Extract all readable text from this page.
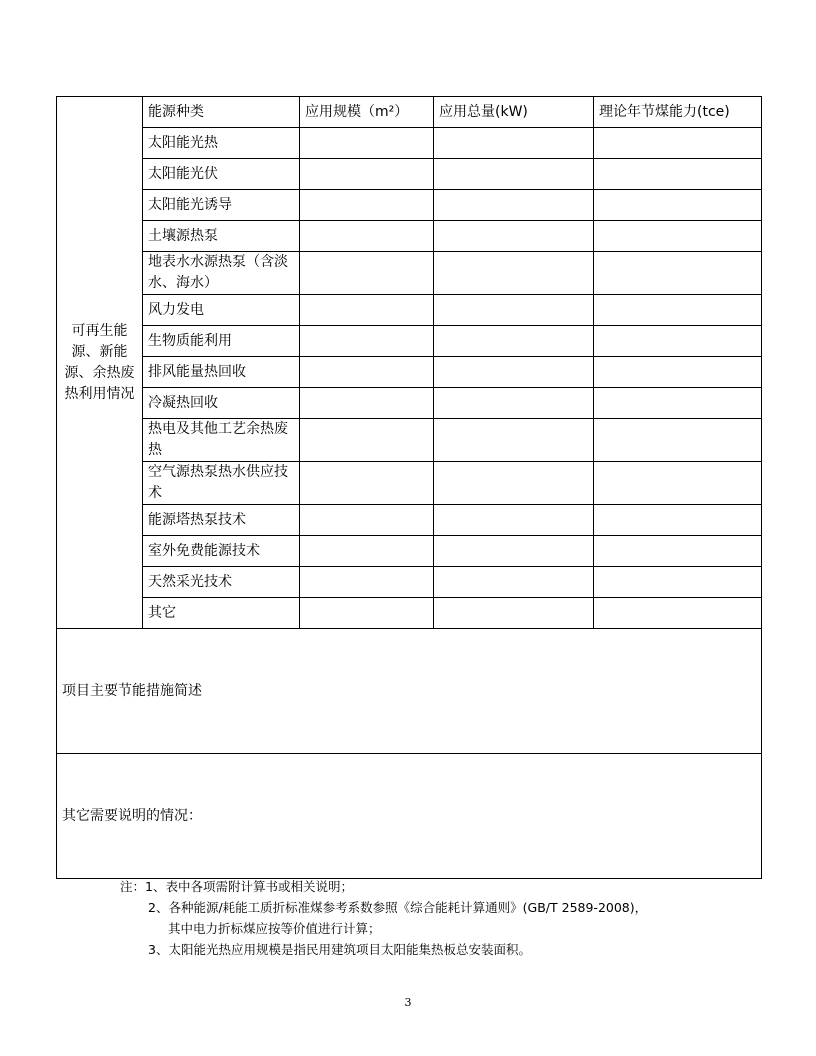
可再生能源、新能源、余热废热利用情况	能源种类	应用规模（m²）	应用总量(kW)	理论年节煤能力(tce)
	太阳能光热			
	太阳能光伏			
	太阳能光诱导			
	土壤源热泵			
	地表水水源热泵（含淡水、海水）			
	风力发电			
	生物质能利用			
	排风能量热回收			
	冷凝热回收			
	热电及其他工艺余热废热			
	空气源热泵热水供应技术			
	能源塔热泵技术			
	室外免费能源技术			
	天然采光技术			
	其它			
项目主要节能措施简述				
其它需要说明的情况：				
注：1、表中各项需附计算书或相关说明；
2、各种能源/耗能工质折标准煤参考系数参照《综合能耗计算通则》(GB/T 2589-2008)，
其中电力折标煤应按等价值进行计算；
3、太阳能光热应用规模是指民用建筑项目太阳能集热板总安装面积。
3
